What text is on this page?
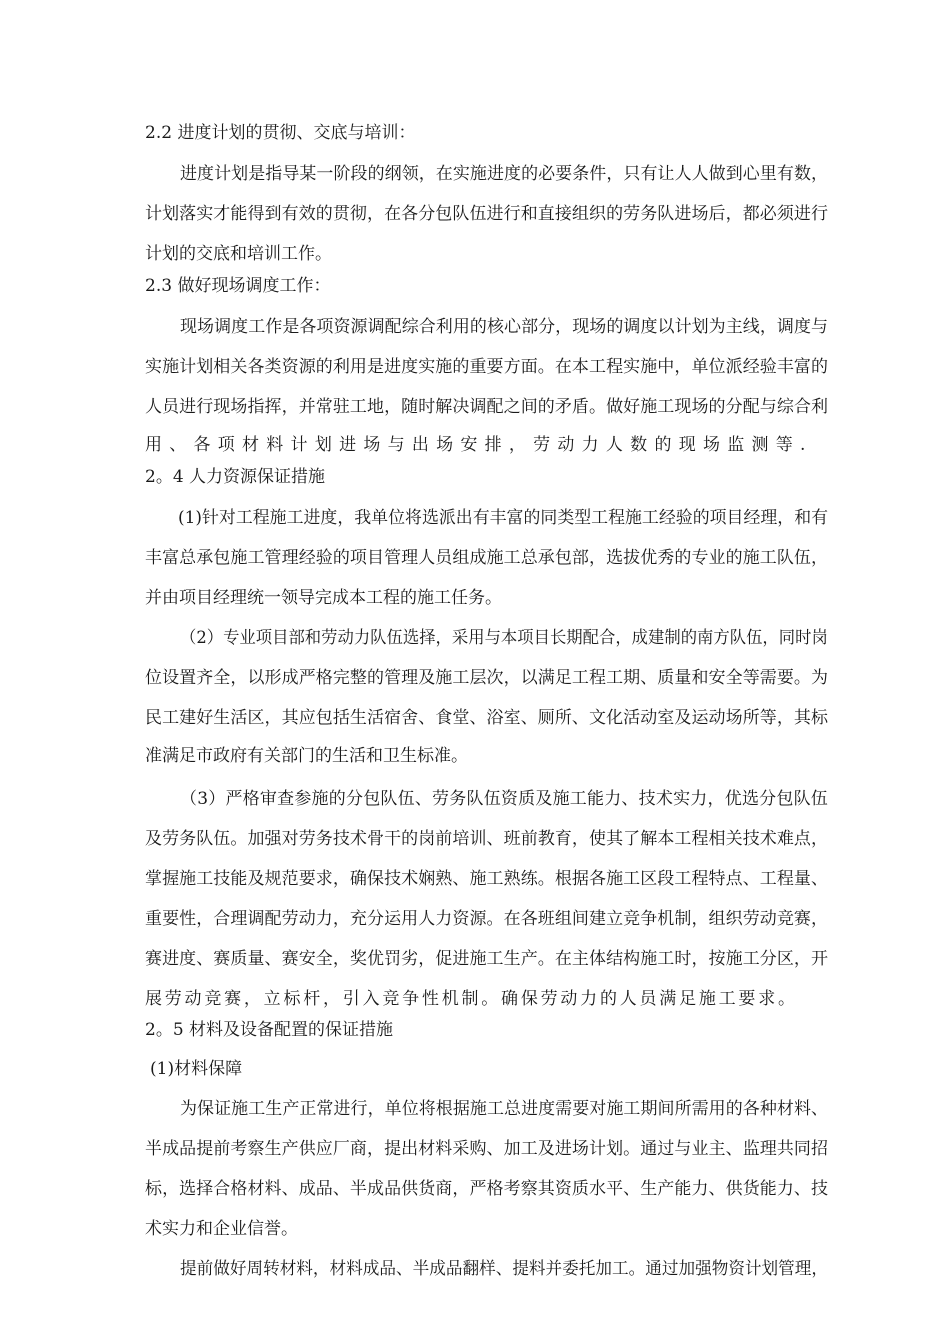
2.2 进度计划的贯彻、交底与培训：
进度计划是指导某一阶段的纲领，在实施进度的必要条件，只有让人人做到心里有数，
计划落实才能得到有效的贯彻，在各分包队伍进行和直接组织的劳务队进场后，都必须进行
计划的交底和培训工作。
2.3 做好现场调度工作：
现场调度工作是各项资源调配综合利用的核心部分，现场的调度以计划为主线，调度与
实施计划相关各类资源的利用是进度实施的重要方面。在本工程实施中，单位派经验丰富的
人员进行现场指挥，并常驻工地，随时解决调配之间的矛盾。做好施工现场的分配与综合利
用、各项材料计划进场与出场安排，劳动力人数的现场监测等.
2。4 人力资源保证措施
(1)针对工程施工进度，我单位将选派出有丰富的同类型工程施工经验的项目经理，和有
丰富总承包施工管理经验的项目管理人员组成施工总承包部，选拔优秀的专业的施工队伍，
并由项目经理统一领导完成本工程的施工任务。
（2）专业项目部和劳动力队伍选择，采用与本项目长期配合，成建制的南方队伍，同时岗
位设置齐全，以形成严格完整的管理及施工层次，以满足工程工期、质量和安全等需要。为
民工建好生活区，其应包括生活宿舍、食堂、浴室、厕所、文化活动室及运动场所等，其标
准满足市政府有关部门的生活和卫生标准。
（3）严格审查参施的分包队伍、劳务队伍资质及施工能力、技术实力，优选分包队伍
及劳务队伍。加强对劳务技术骨干的岗前培训、班前教育，使其了解本工程相关技术难点，
掌握施工技能及规范要求，确保技术娴熟、施工熟练。根据各施工区段工程特点、工程量、
重要性，合理调配劳动力，充分运用人力资源。在各班组间建立竞争机制，组织劳动竞赛，
赛进度、赛质量、赛安全，奖优罚劣，促进施工生产。在主体结构施工时，按施工分区，开
展劳动竞赛，立标杆，引入竞争性机制。确保劳动力的人员满足施工要求。
2。5 材料及设备配置的保证措施
(1)材料保障
为保证施工生产正常进行，单位将根据施工总进度需要对施工期间所需用的各种材料、
半成品提前考察生产供应厂商，提出材料采购、加工及进场计划。通过与业主、监理共同招
标，选择合格材料、成品、半成品供货商，严格考察其资质水平、生产能力、供货能力、技
术实力和企业信誉。
提前做好周转材料，材料成品、半成品翻样、提料并委托加工。通过加强物资计划管理，
